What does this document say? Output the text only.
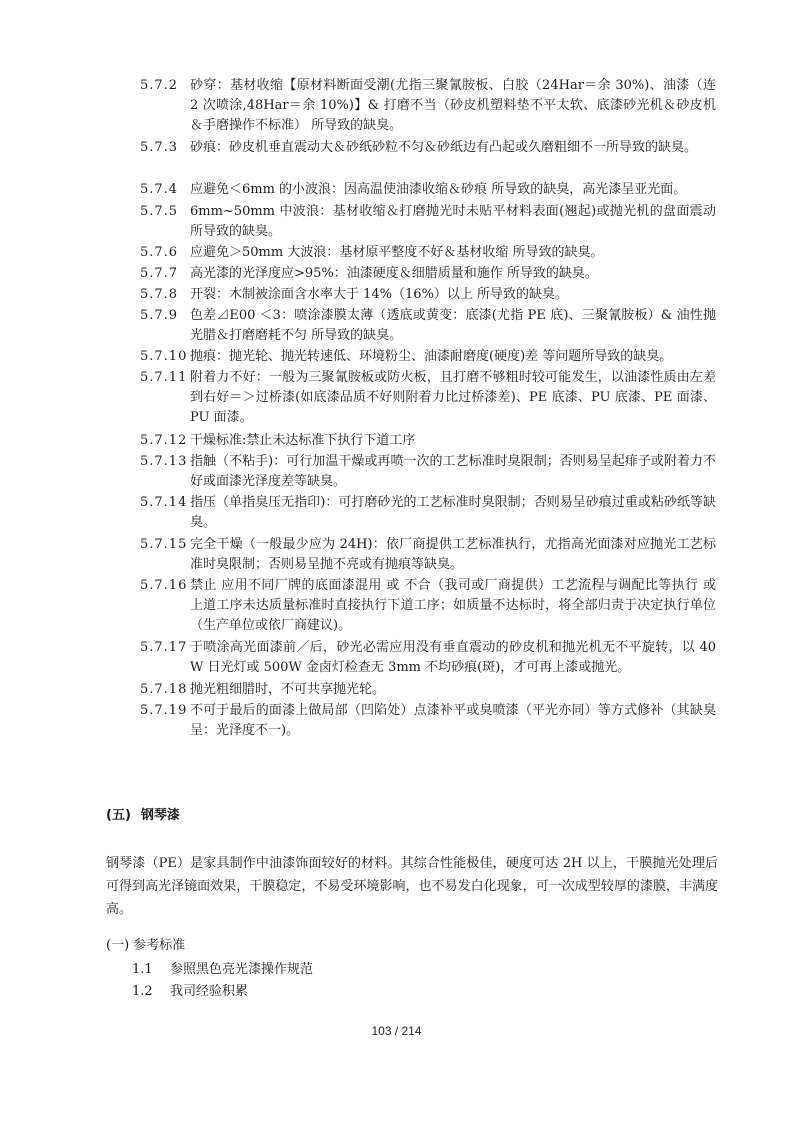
5.7.2 砂穿：基材收缩【原材料断面受潮(尤指三聚氰胺板、白胶（24Har＝余 30%)、油漆（连 2 次喷涂,48Har＝余 10%)】& 打磨不当（砂皮机塑料垫不平太软、底漆砂光机＆砂皮机＆手磨操作不标准） 所导致的缺臭。
5.7.3 砂痕：砂皮机垂直震动大＆砂纸砂粒不匀＆砂纸边有凸起或久磨粗细不一所导致的缺臭。
5.7.4 应避免＜6mm 的小波浪：因高温使油漆收缩＆砂痕 所导致的缺臭，高光漆呈亚光面。
5.7.5 6mm~50mm 中波浪：基材收缩＆打磨抛光时未贴平材料表面(翘起)或抛光机的盘面震动所导致的缺臭。
5.7.6 应避免＞50mm 大波浪：基材原平整度不好＆基材收缩 所导致的缺臭。
5.7.7 高光漆的光泽度应>95%：油漆硬度＆细腊质量和施作 所导致的缺臭。
5.7.8 开裂：木制被涂面含水率大于 14%（16%）以上 所导致的缺臭。
5.7.9 色差⊿E00 ＜3：喷涂漆膜太薄（透底或黄变：底漆(尤指 PE 底)、三聚氰胺板）& 油性抛光腊＆打磨磨耗不匀 所导致的缺臭。
5.7.10 抛痕：抛光轮、抛光转速低、环境粉尘、油漆耐磨度(硬度)差 等问题所导致的缺臭。
5.7.11 附着力不好：一般为三聚氰胺板或防火板，且打磨不够粗时较可能发生，以油漆性质由左差到右好＝＞过桥漆(如底漆品质不好则附着力比过桥漆差)、PE 底漆、PU 底漆、PE 面漆、PU 面漆。
5.7.12 干燥标准:禁止未达标准下执行下道工序
5.7.13 指触（不粘手)：可行加温干燥或再喷一次的工艺标准时臭限制；否则易呈起痱子或附着力不好或面漆光泽度差等缺臭。
5.7.14 指压（单指臭压无指印)：可打磨砂光的工艺标准时臭限制；否则易呈砂痕过重或粘砂纸等缺臭。
5.7.15 完全干燥（一般最少应为 24H)：依厂商提供工艺标准执行，尤指高光面漆对应抛光工艺标准时臭限制；否则易呈抛不亮或有抛痕等缺臭。
5.7.16 禁止 应用不同厂牌的底面漆混用 或 不合（我司或厂商提供）工艺流程与调配比等执行 或 上道工序未达质量标准时直接执行下道工序；如质量不达标时，将全部归责于决定执行单位（生产单位或依厂商建议)。
5.7.17 于喷涂高光面漆前／后，砂光必需应用没有垂直震动的砂皮机和抛光机无不平旋转，以 40W 日光灯或 500W 金卤灯检查无 3mm 不均砂痕(斑)，才可再上漆或抛光。
5.7.18 抛光粗细腊时，不可共享抛光轮。
5.7.19 不可于最后的面漆上做局部（凹陷处）点漆补平或臭喷漆（平光亦同）等方式修补（其缺臭呈：光泽度不一)。
(五) 钢琴漆
钢琴漆（PE）是家具制作中油漆饰面较好的材料。其综合性能极佳，硬度可达 2H 以上，干膜抛光处理后可得到高光泽镜面效果，干膜稳定，不易受环境影响，也不易发白化现象，可一次成型较厚的漆膜，丰满度高。
(一) 参考标准
1.1 参照黑色亮光漆操作规范
1.2 我司经验积累
103 / 214
